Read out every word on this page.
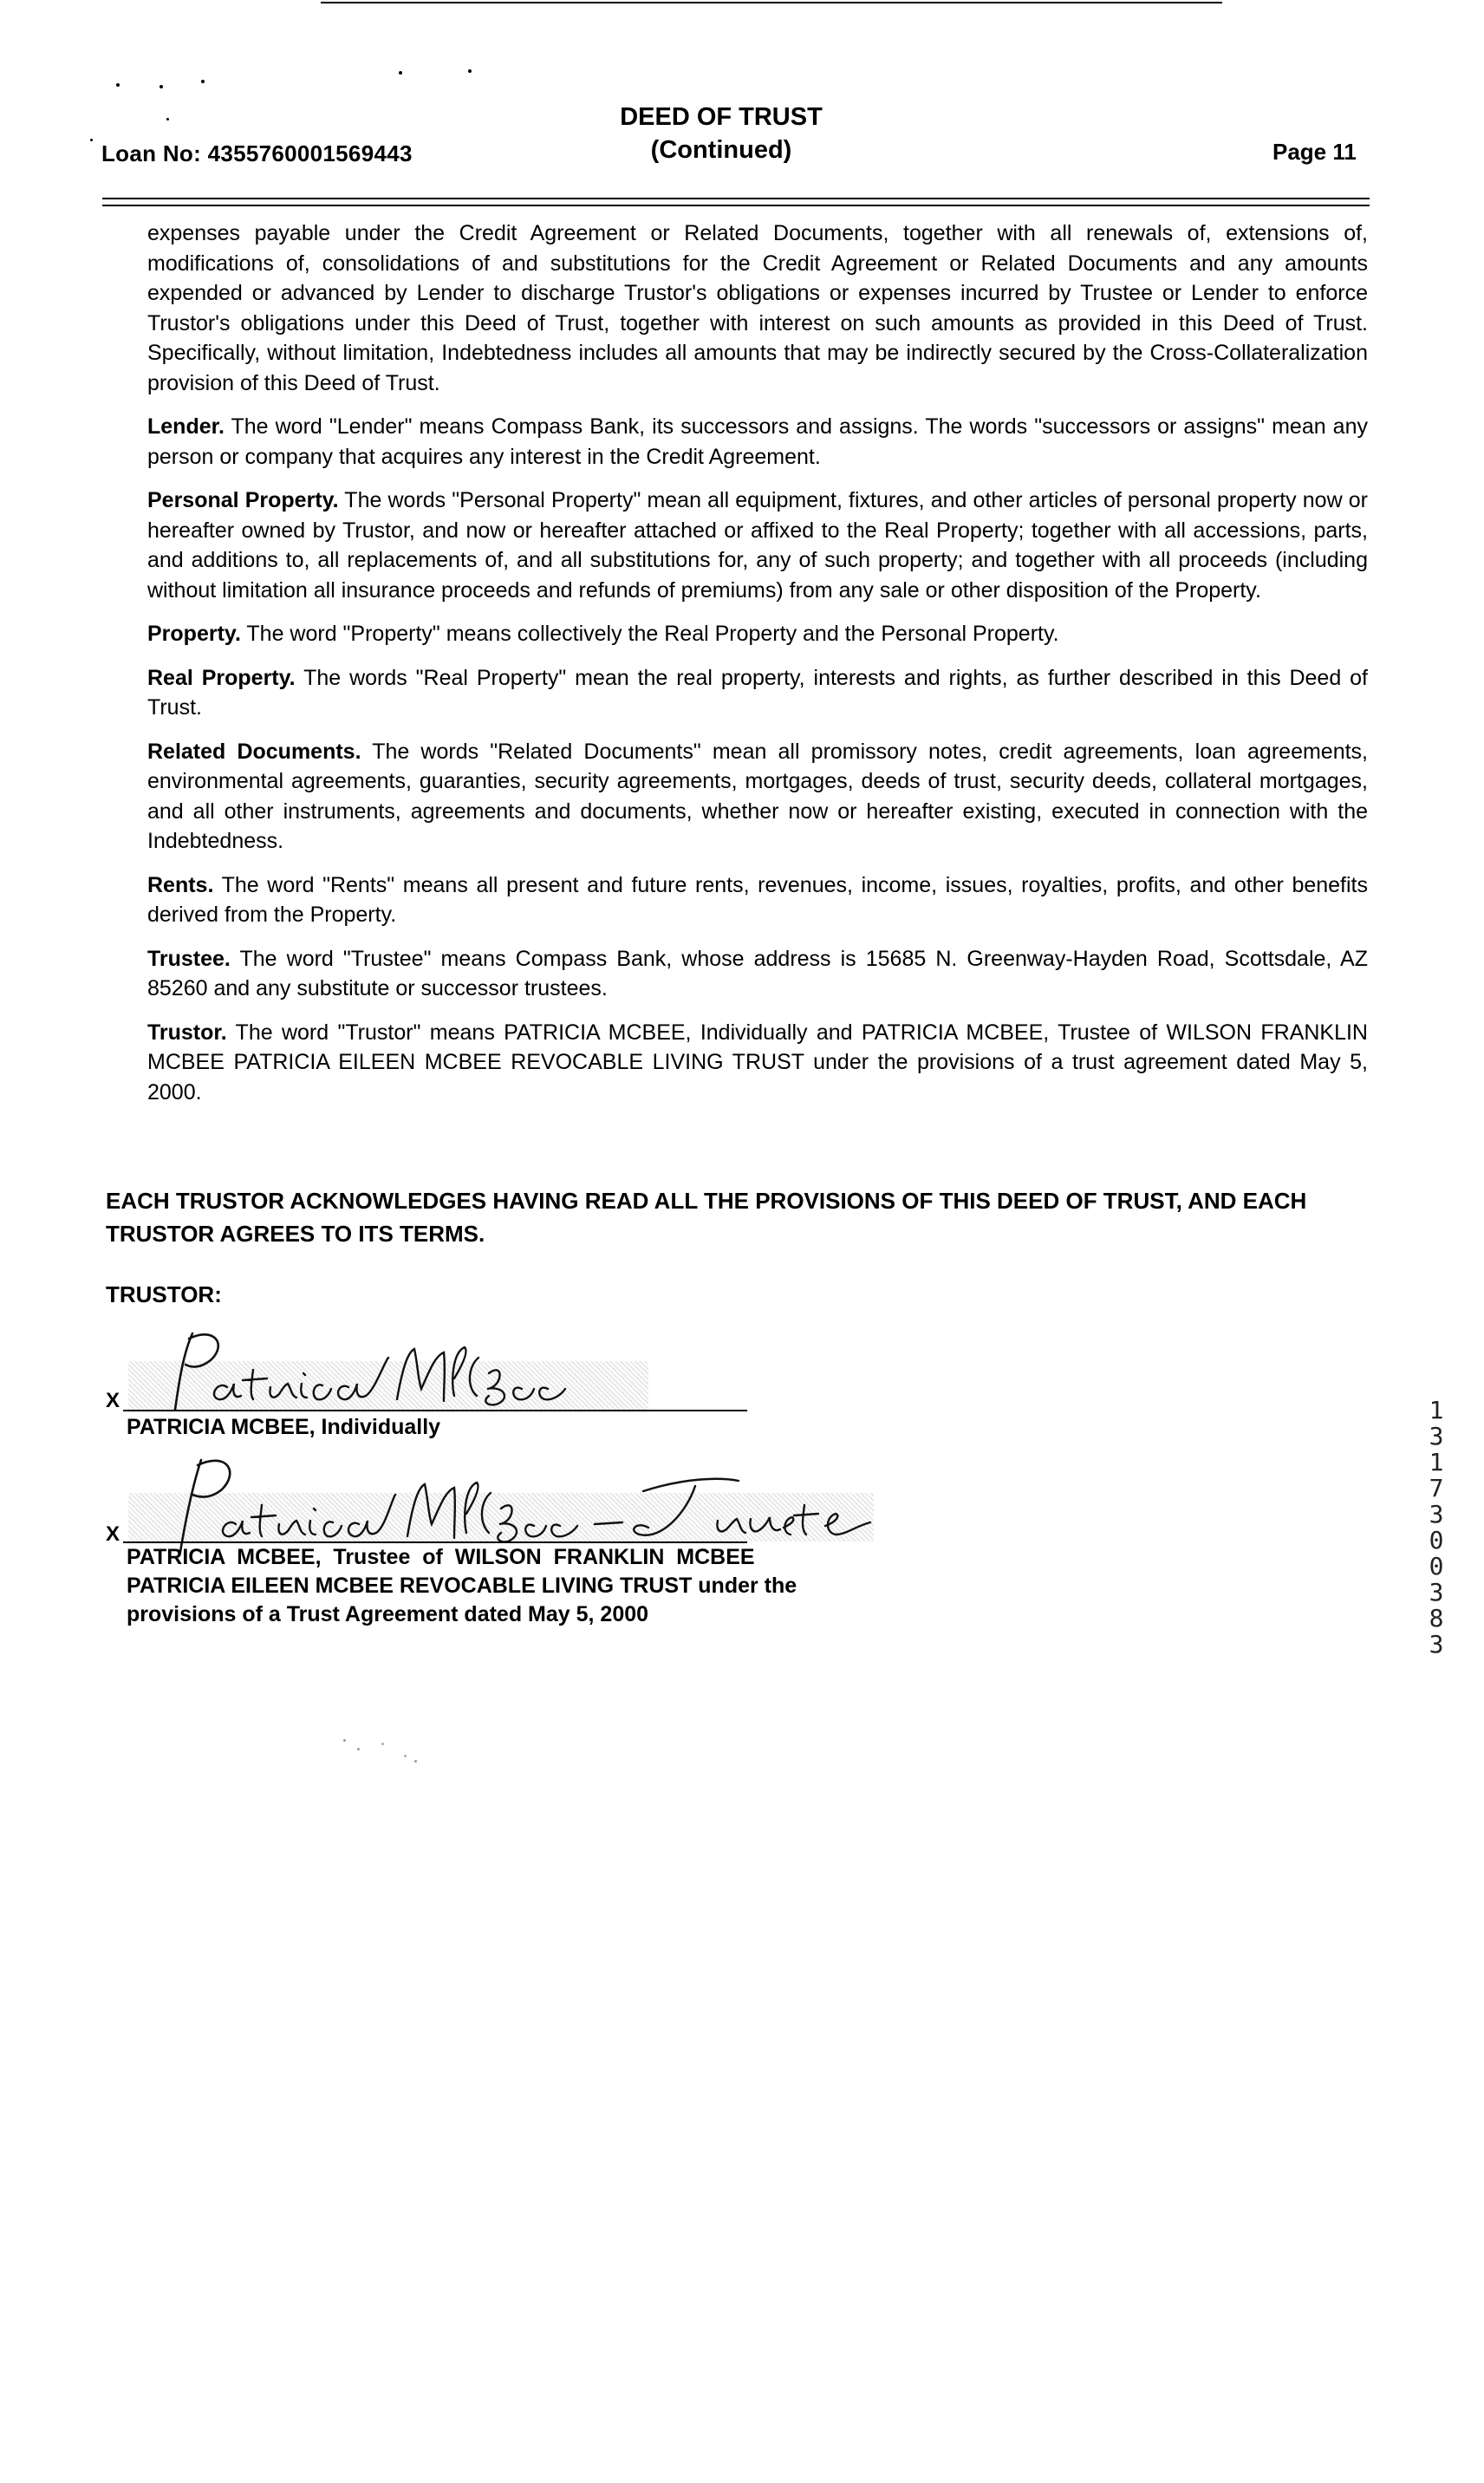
Loan No: 4355760001569443
DEED OF TRUST
(Continued)	Page 11

expenses payable under the Credit Agreement or Related Documents, together with all renewals of, extensions of, modifications of, consolidations of and substitutions for the Credit Agreement or Related Documents and any amounts expended or advanced by Lender to discharge Trustor's obligations or expenses incurred by Trustee or Lender to enforce Trustor's obligations under this Deed of Trust, together with interest on such amounts as provided in this Deed of Trust. Specifically, without limitation, Indebtedness includes all amounts that may be indirectly secured by the Cross-Collateralization provision of this Deed of Trust.

Lender. The word "Lender" means Compass Bank, its successors and assigns. The words "successors or assigns" mean any person or company that acquires any interest in the Credit Agreement.

Personal Property. The words "Personal Property" mean all equipment, fixtures, and other articles of personal property now or hereafter owned by Trustor, and now or hereafter attached or affixed to the Real Property; together with all accessions, parts, and additions to, all replacements of, and all substitutions for, any of such property; and together with all proceeds (including without limitation all insurance proceeds and refunds of premiums) from any sale or other disposition of the Property.

Property. The word "Property" means collectively the Real Property and the Personal Property.

Real Property. The words "Real Property" mean the real property, interests and rights, as further described in this Deed of Trust.

Related Documents. The words "Related Documents" mean all promissory notes, credit agreements, loan agreements, environmental agreements, guaranties, security agreements, mortgages, deeds of trust, security deeds, collateral mortgages, and all other instruments, agreements and documents, whether now or hereafter existing, executed in connection with the Indebtedness.

Rents. The word "Rents" means all present and future rents, revenues, income, issues, royalties, profits, and other benefits derived from the Property.

Trustee. The word "Trustee" means Compass Bank, whose address is 15685 N. Greenway-Hayden Road, Scottsdale, AZ 85260 and any substitute or successor trustees.

Trustor. The word "Trustor" means PATRICIA MCBEE, Individually and PATRICIA MCBEE, Trustee of WILSON FRANKLIN MCBEE PATRICIA EILEEN MCBEE REVOCABLE LIVING TRUST under the provisions of a trust agreement dated May 5, 2000.

EACH TRUSTOR ACKNOWLEDGES HAVING READ ALL THE PROVISIONS OF THIS DEED OF TRUST, AND EACH TRUSTOR AGREES TO ITS TERMS.
TRUSTOR:
X
PATRICIA MCBEE, Individually
X
PATRICIA  MCBEE,  Trustee  of  WILSON  FRANKLIN  MCBEE
PATRICIA EILEEN MCBEE REVOCABLE LIVING TRUST under the
provisions of a Trust Agreement dated May 5, 2000
1317300383
